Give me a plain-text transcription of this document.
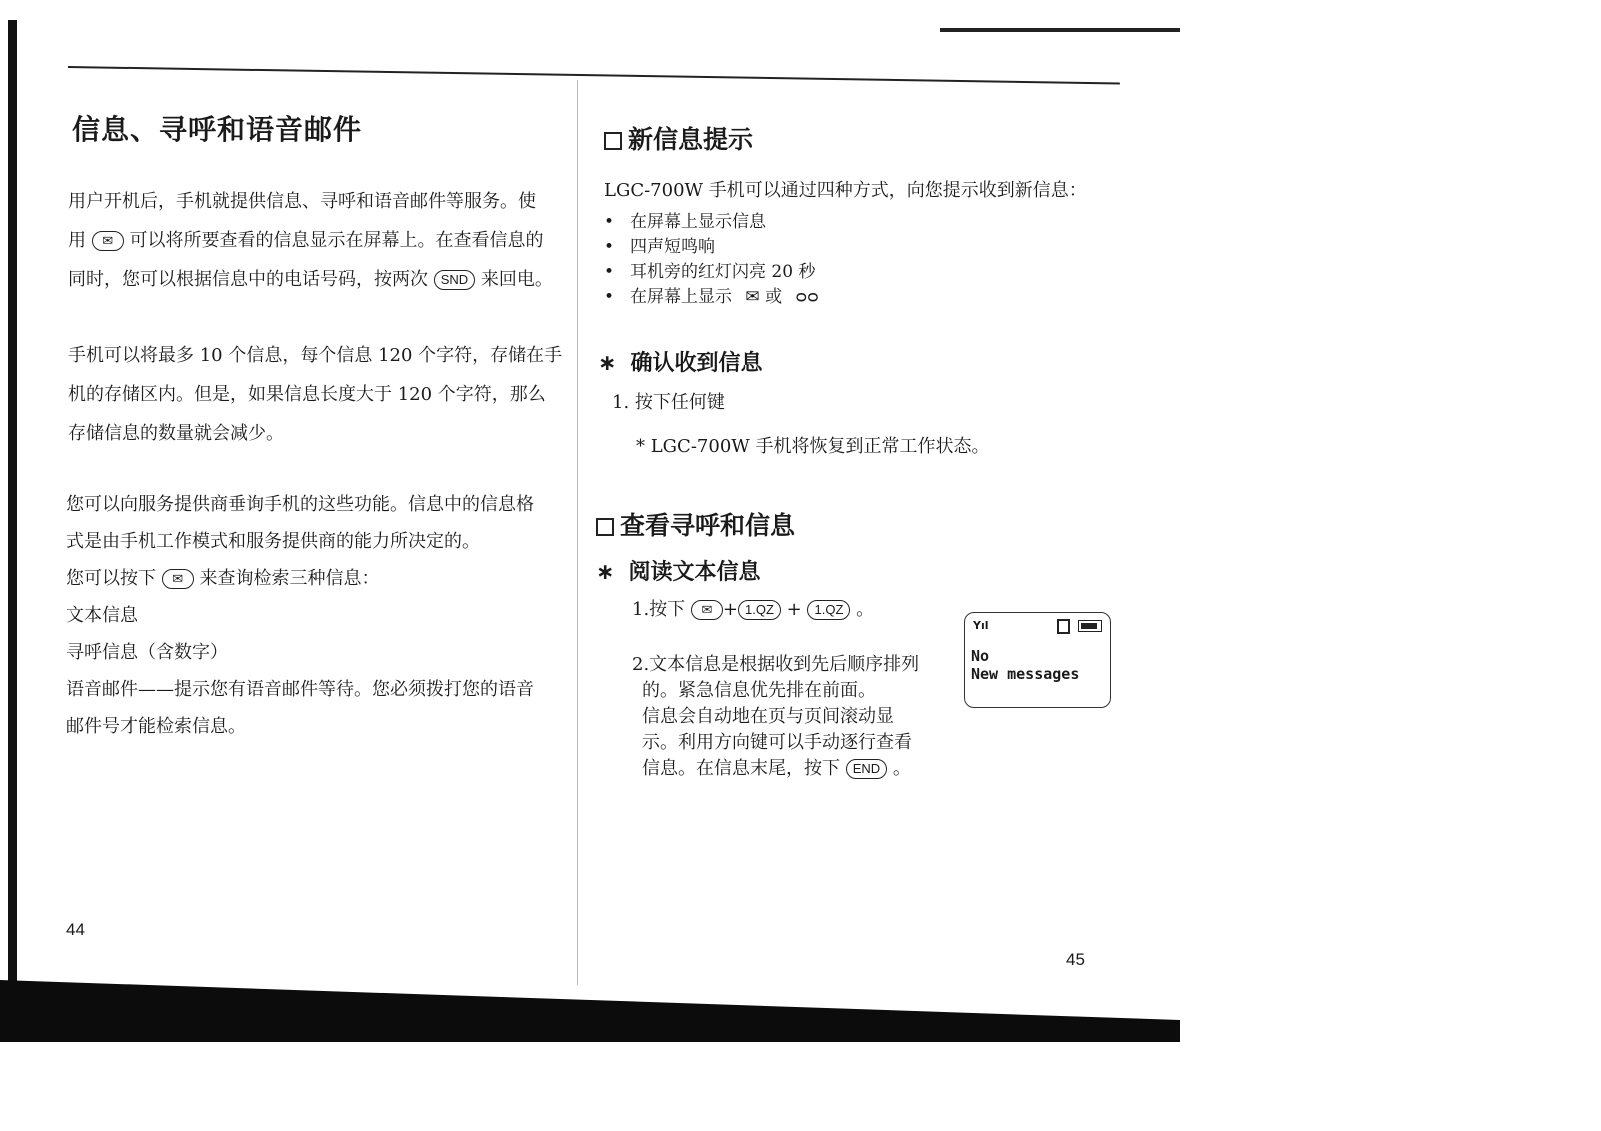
信息、寻呼和语音邮件

用户开机后，手机就提供信息、寻呼和语音邮件等服务。使

用 ✉ 可以将所要查看的信息显示在屏幕上。在查看信息的

同时，您可以根据信息中的电话号码，按两次 SND 来回电。

手机可以将最多 10 个信息，每个信息 120 个字符，存储在手

机的存储区内。但是，如果信息长度大于 120 个字符，那么

存储信息的数量就会减少。

您可以向服务提供商垂询手机的这些功能。信息中的信息格

式是由手机工作模式和服务提供商的能力所决定的。

您可以按下 ✉ 来查询检索三种信息：

文本信息

寻呼信息（含数字）

语音邮件——提示您有语音邮件等待。您必须拨打您的语音

邮件号才能检索信息。

44
新信息提示
LGC-700W 手机可以通过四种方式，向您提示收到新信息：
• 在屏幕上显示信息
• 四声短鸣响
• 耳机旁的红灯闪亮 20 秒
• 在屏幕上显示 ✉ 或 ᴑᴑ
∗ 确认收到信息
1. 按下任何键
* LGC-700W 手机将恢复到正常工作状态。
查看寻呼和信息
∗ 阅读文本信息
1.按下 ✉ + 1.QZ + 1.QZ 。
2.文本信息是根据收到先后顺序排列
的。紧急信息优先排在前面。
信息会自动地在页与页间滚动显
示。利用方向键可以手动逐行查看
信息。在信息末尾，按下 END 。
Yıl
No
New messages
45
